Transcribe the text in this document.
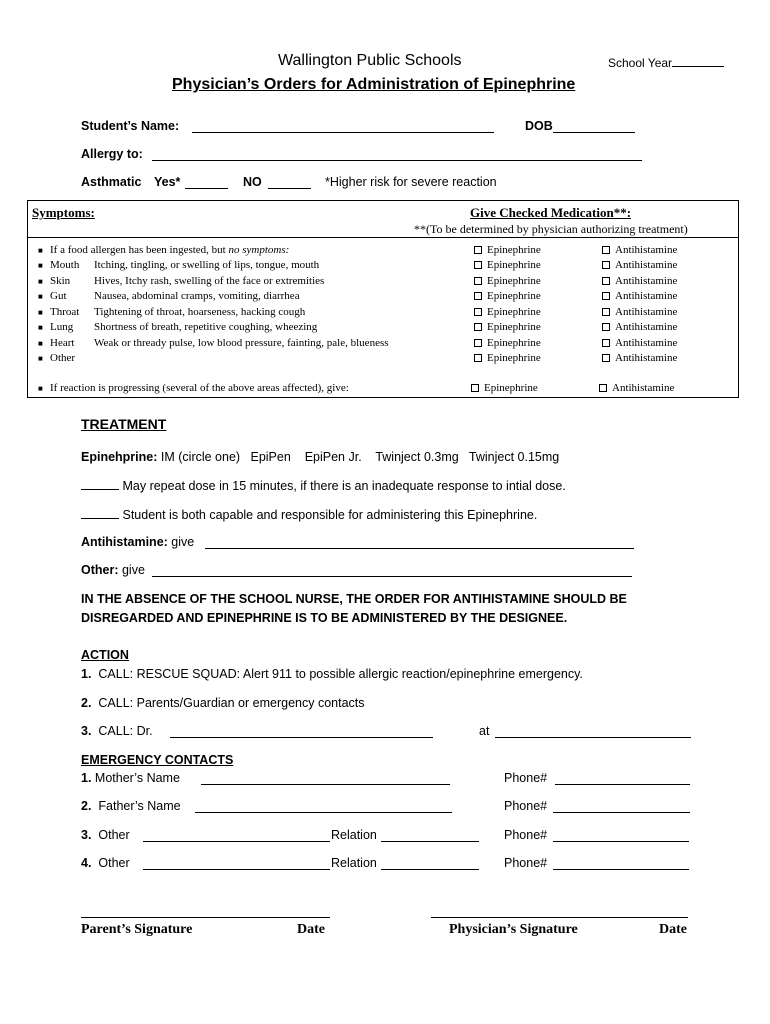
Wallington Public Schools	School Year
Physician’s Orders for Administration of Epinephrine
Student’s Name:	DOB
Allergy to:
Asthmatic Yes*	NO	*Higher risk for severe reaction
Symptoms:	Give Checked Medication**:
**(To be determined by physician authorizing treatment)
■ If a food allergen has been ingested, but no symptoms:	Epinephrine	Antihistamine
■ Mouth Itching, tingling, or swelling of lips, tongue, mouth	Epinephrine	Antihistamine
■ Skin Hives, Itchy rash, swelling of the face or extremities	Epinephrine	Antihistamine
■ Gut	Nausea, abdominal cramps, vomiting, diarrhea	Epinephrine	Antihistamine
■ Throat Tightening of throat, hoarseness, hacking cough	Epinephrine	Antihistamine
■ Lung Shortness of breath, repetitive coughing, wheezing	Epinephrine	Antihistamine
■ Heart Weak or thready pulse, low blood pressure, fainting, pale, blueness	Epinephrine	Antihistamine
■ Other	Epinephrine	Antihistamine
■ If reaction is progressing (several of the above areas affected), give:	Epinephrine	Antihistamine
TREATMENT
Epinehprine: IM (circle one)   EpiPen    EpiPen Jr.    Twinject 0.3mg   Twinject 0.15mg
May repeat dose in 15 minutes, if there is an inadequate response to intial dose.
Student is both capable and responsible for administering this Epinephrine.
Antihistamine: give
Other: give
IN THE ABSENCE OF THE SCHOOL NURSE, THE ORDER FOR ANTIHISTAMINE SHOULD BE
DISREGARDED AND EPINEPHRINE IS TO BE ADMINISTERED BY THE DESIGNEE.
ACTION
1. CALL: RESCUE SQUAD: Alert 911 to possible allergic reaction/epinephrine emergency.
2. CALL: Parents/Guardian or emergency contacts
3. CALL: Dr.	at
EMERGENCY CONTACTS
1. Mother’s Name	Phone#
2. Father’s Name	Phone#
3. Other	Relation	Phone#
4. Other	Relation	Phone#
Parent’s Signature	Date	Physician’s Signature	Date
